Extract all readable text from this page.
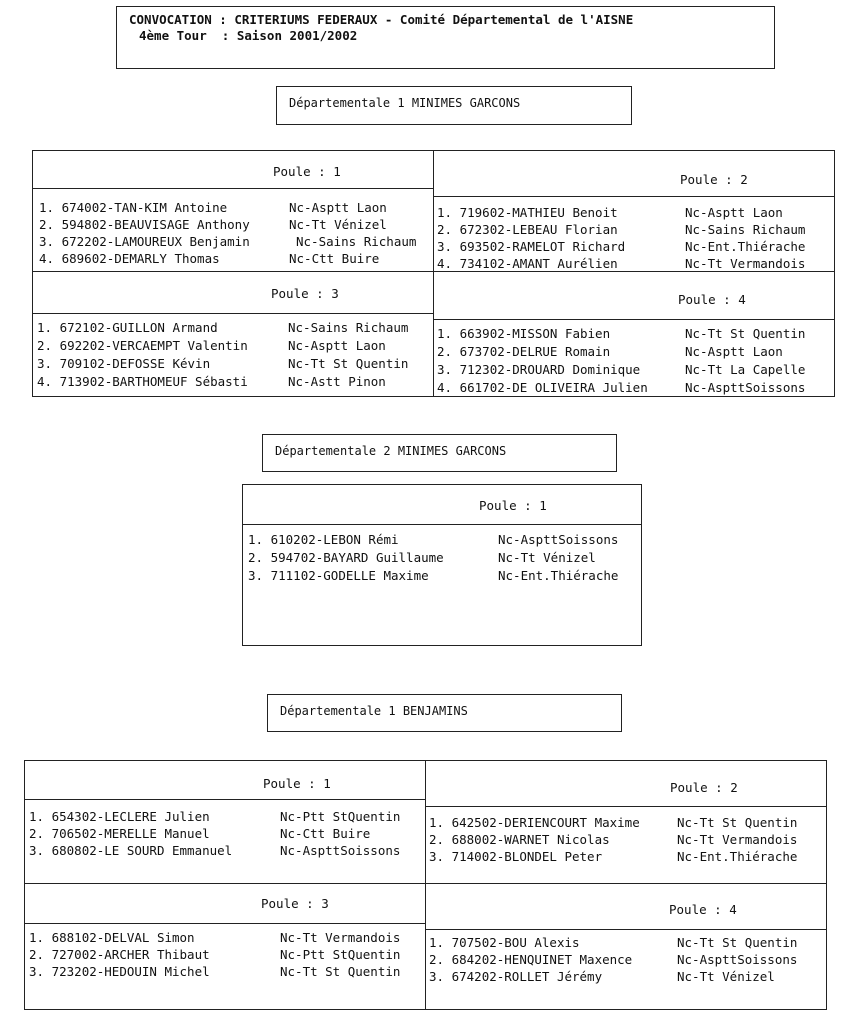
CONVOCATION : CRITERIUMS FEDERAUX - Comité Départemental de l'AISNE
4ème Tour  : Saison 2001/2002
Départementale 1 MINIMES GARCONS
Poule : 1
1. 674002-TAN-KIM Antoine	Nc-Asptt Laon
2. 594802-BEAUVISAGE Anthony	Nc-Tt Vénizel
3. 672202-LAMOUREUX Benjamin	Nc-Sains Richaum
4. 689602-DEMARLY Thomas	Nc-Ctt Buire
Poule : 2
1. 719602-MATHIEU Benoit	Nc-Asptt Laon
2. 672302-LEBEAU Florian	Nc-Sains Richaum
3. 693502-RAMELOT Richard	Nc-Ent.Thiérache
4. 734102-AMANT Aurélien	Nc-Tt Vermandois
Poule : 3
1. 672102-GUILLON Armand	Nc-Sains Richaum
2. 692202-VERCAEMPT Valentin	Nc-Asptt Laon
3. 709102-DEFOSSE Kévin	Nc-Tt St Quentin
4. 713902-BARTHOMEUF Sébasti	Nc-Astt Pinon
Poule : 4
1. 663902-MISSON Fabien	Nc-Tt St Quentin
2. 673702-DELRUE Romain	Nc-Asptt Laon
3. 712302-DROUARD Dominique	Nc-Tt La Capelle
4. 661702-DE OLIVEIRA Julien	Nc-AspttSoissons
Départementale 2 MINIMES GARCONS
Poule : 1
1. 610202-LEBON Rémi	Nc-AspttSoissons
2. 594702-BAYARD Guillaume	Nc-Tt Vénizel
3. 711102-GODELLE Maxime	Nc-Ent.Thiérache
Départementale 1 BENJAMINS
Poule : 1
1. 654302-LECLERE Julien	Nc-Ptt StQuentin
2. 706502-MERELLE Manuel	Nc-Ctt Buire
3. 680802-LE SOURD Emmanuel	Nc-AspttSoissons
Poule : 2
1. 642502-DERIENCOURT Maxime	Nc-Tt St Quentin
2. 688002-WARNET Nicolas	Nc-Tt Vermandois
3. 714002-BLONDEL Peter	Nc-Ent.Thiérache
Poule : 3
1. 688102-DELVAL Simon	Nc-Tt Vermandois
2. 727002-ARCHER Thibaut	Nc-Ptt StQuentin
3. 723202-HEDOUIN Michel	Nc-Tt St Quentin
Poule : 4
1. 707502-BOU Alexis	Nc-Tt St Quentin
2. 684202-HENQUINET Maxence	Nc-AspttSoissons
3. 674202-ROLLET Jérémy	Nc-Tt Vénizel
